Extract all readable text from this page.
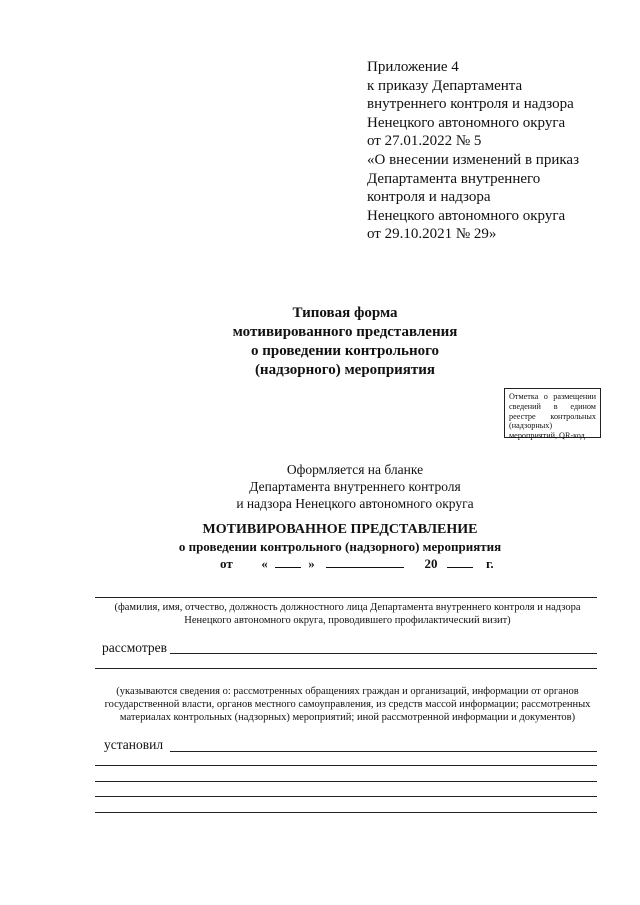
Приложение 4
к приказу Департамента
внутреннего контроля и надзора
Ненецкого автономного округа
от 27.01.2022 № 5
«О внесении изменений в приказ
Департамента внутреннего
контроля и надзора
Ненецкого автономного округа
от 29.10.2021 № 29»
Типовая форма
мотивированного представления
о проведении контрольного
(надзорного) мероприятия
Отметка о размещении сведений в едином реестре контрольных (надзорных) мероприятий, QR-код
Оформляется на бланке
Департамента внутреннего контроля
и надзора Ненецкого автономного округа
МОТИВИРОВАННОЕ ПРЕДСТАВЛЕНИЕ
о проведении контрольного (надзорного) мероприятия
от «	»	20	г.
(фамилия, имя, отчество, должность должностного лица Департамента внутреннего контроля и надзора
Ненецкого автономного округа, проводившего профилактический визит)
рассмотрев
(указываются сведения о: рассмотренных обращениях граждан и организаций, информации от органов
государственной власти, органов местного самоуправления, из средств массой информации; рассмотренных
материалах контрольных (надзорных) мероприятий; иной рассмотренной информации и документов)
установил
